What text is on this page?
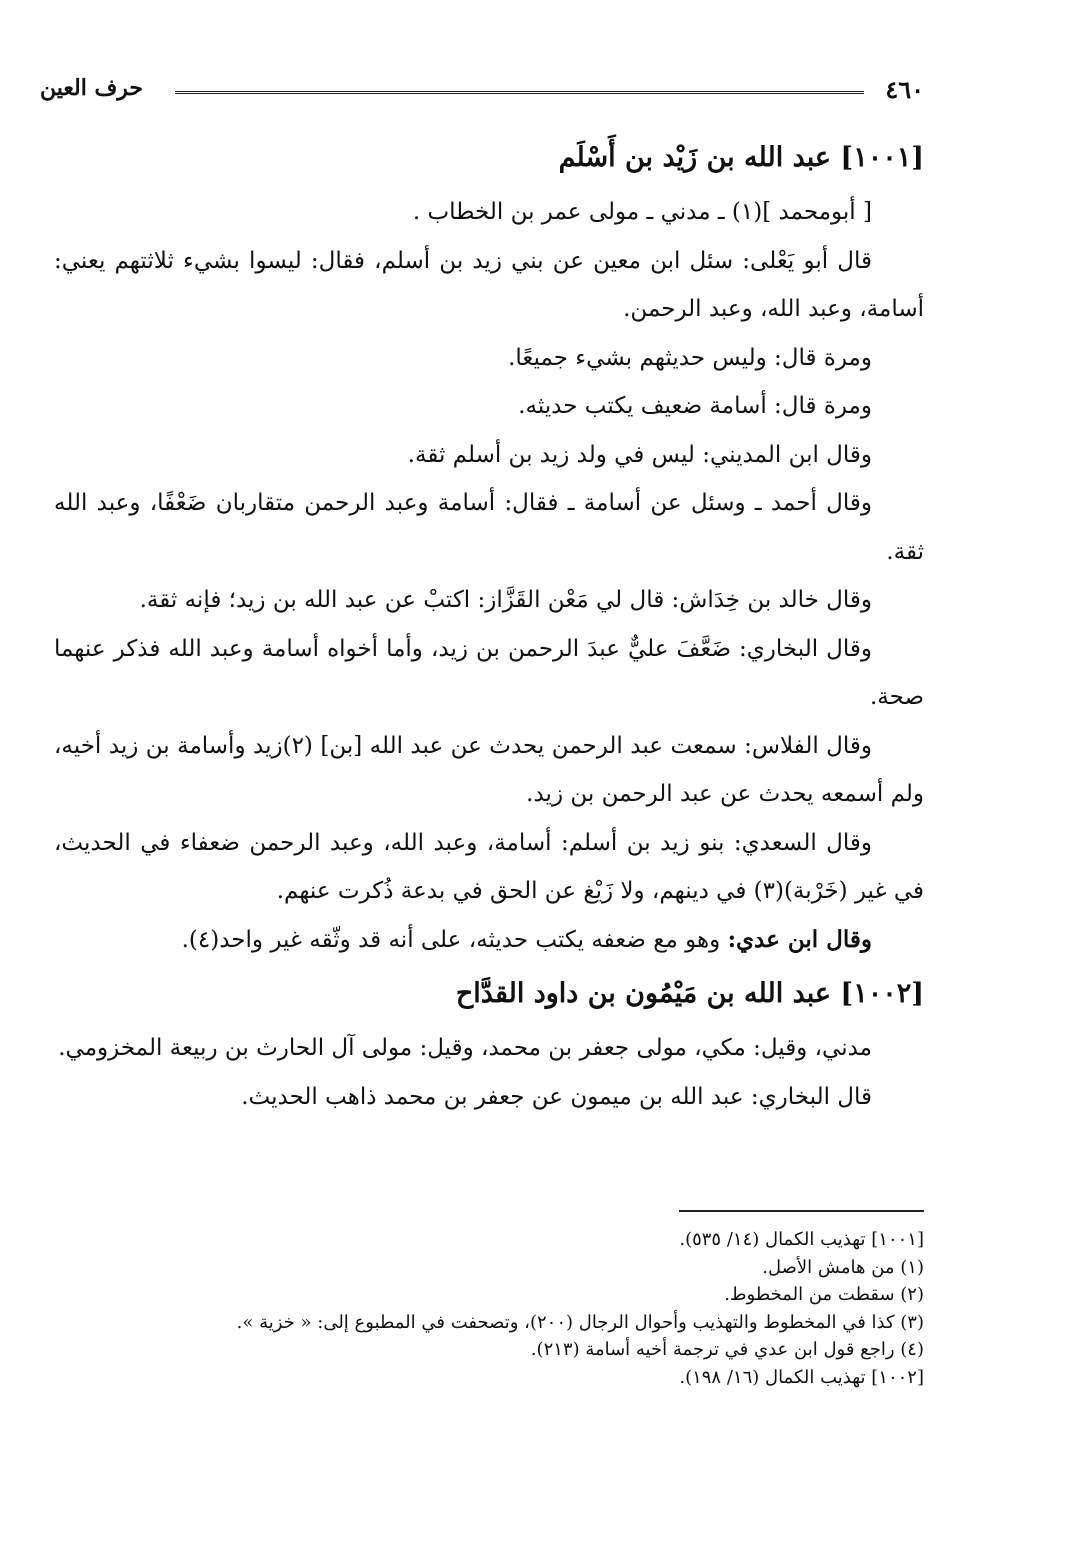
٤٦٠
حرف العين
[١٠٠١] عبد الله بن زَيْد بن أَسْلَم

[ أبومحمد ](١) ـ مدني ـ مولى عمر بن الخطاب .

قال أبو يَعْلى: سئل ابن معين عن بني زيد بن أسلم، فقال: ليسوا بشيء ثلاثتهم يعني: أسامة، وعبد الله، وعبد الرحمن.

ومرة قال: وليس حديثهم بشيء جميعًا.

ومرة قال: أسامة ضعيف يكتب حديثه.

وقال ابن المديني: ليس في ولد زيد بن أسلم ثقة.

وقال أحمد ـ وسئل عن أسامة ـ فقال: أسامة وعبد الرحمن متقاربان ضَعْفًا، وعبد الله ثقة.

وقال خالد بن خِدَاش: قال لي مَعْن القَزَّاز: اكتبْ عن عبد الله بن زيد؛ فإنه ثقة.

وقال البخاري: ضَعَّفَ عليٌّ عبدَ الرحمن بن زيد، وأما أخواه أسامة وعبد الله فذكر عنهما صحة.

وقال الفلاس: سمعت عبد الرحمن يحدث عن عبد الله [بن] (٢)زيد وأسامة بن زيد أخيه، ولم أسمعه يحدث عن عبد الرحمن بن زيد.

وقال السعدي: بنو زيد بن أسلم: أسامة، وعبد الله، وعبد الرحمن ضعفاء في الحديث، في غير (خَرْبة)(٣) في دينهم، ولا زَيْغ عن الحق في بدعة ذُكرت عنهم.

وقال ابن عدي: وهو مع ضعفه يكتب حديثه، على أنه قد وثّقه غير واحد(٤).

[١٠٠٢] عبد الله بن مَيْمُون بن داود القدَّاح

مدني، وقيل: مكي، مولى جعفر بن محمد، وقيل: مولى آل الحارث بن ربيعة المخزومي.

قال البخاري: عبد الله بن ميمون عن جعفر بن محمد ذاهب الحديث.

[١٠٠١] تهذيب الكمال (١٤/ ٥٣٥).

(١) من هامش الأصل.

(٢) سقطت من المخطوط.

(٣) كذا في المخطوط والتهذيب وأحوال الرجال (٢٠٠)، وتصحفت في المطبوع إلى: « خزية ».

(٤) راجع قول ابن عدي في ترجمة أخيه أسامة (٢١٣).

[١٠٠٢] تهذيب الكمال (١٦/ ١٩٨).
